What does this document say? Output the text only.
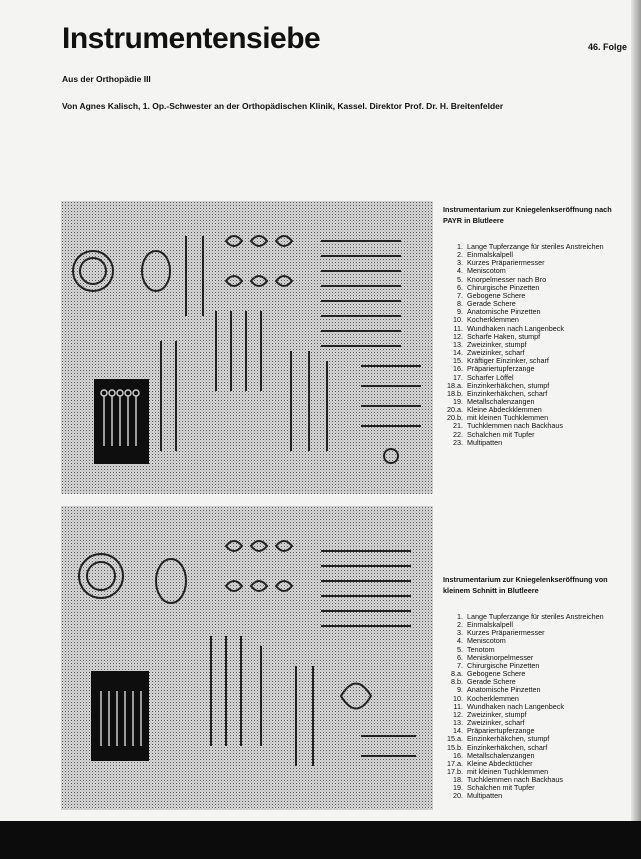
Instrumentensiebe	46. Folge
Aus der Orthopädie III
Von Agnes Kalisch, 1. Op.-Schwester an der Orthopädischen Klinik, Kassel. Direktor Prof. Dr. H. Breitenfelder

Instrumentarium zur Kniegelenkseröffnung nach PAYR in Blutleere

1. Lange Tupferzange für steriles Anstreichen
2. Einmalskalpell
3. Kurzes Präpariermesser
4. Meniscotom
5. Knorpelmesser nach Bro
6. Chirurgische Pinzetten
7. Gebogene Schere
8. Gerade Schere
9. Anatomische Pinzetten
10. Kocherklemmen
11. Wundhaken nach Langenbeck
12. Scharfe Haken, stumpf
13. Zweizinker, stumpf
14. Zweizinker, scharf
15. Kräftiger Einzinker, scharf
16. Präpariertupferzange
17. Scharfer Löffel
18.a. Einzinkerhäkchen, stumpf
18.b. Einzinkerhäkchen, scharf
19. Metallschalenzangen
20.a. Kleine Abdeckklemmen
20.b. mit kleinen Tuchklemmen
21. Tuchklemmen nach Backhaus
22. Schalchen mit Tupfer
23. Multipatten

Instrumentarium zur Kniegelenkseröffnung von kleinem Schnitt in Blutleere

1. Lange Tupferzange für steriles Anstreichen
2. Einmalskalpell
3. Kurzes Präpariermesser
4. Meniscotom
5. Tenotom
6. Menisknorpelmesser
7. Chirurgische Pinzetten
8.a. Gebogene Schere
8.b. Gerade Schere
9. Anatomische Pinzetten
10. Kocherklemmen
11. Wundhaken nach Langenbeck
12. Zweizinker, stumpf
13. Zweizinker, scharf
14. Präpariertupferzange
15.a. Einzinkerhäkchen, stumpf
15.b. Einzinkerhäkchen, scharf
16. Metallschalenzangen
17.a. Kleine Abdecktücher
17.b. mit kleinen Tuchklemmen
18. Tuchklemmen nach Backhaus
19. Schalchen mit Tupfer
20. Multipatten
